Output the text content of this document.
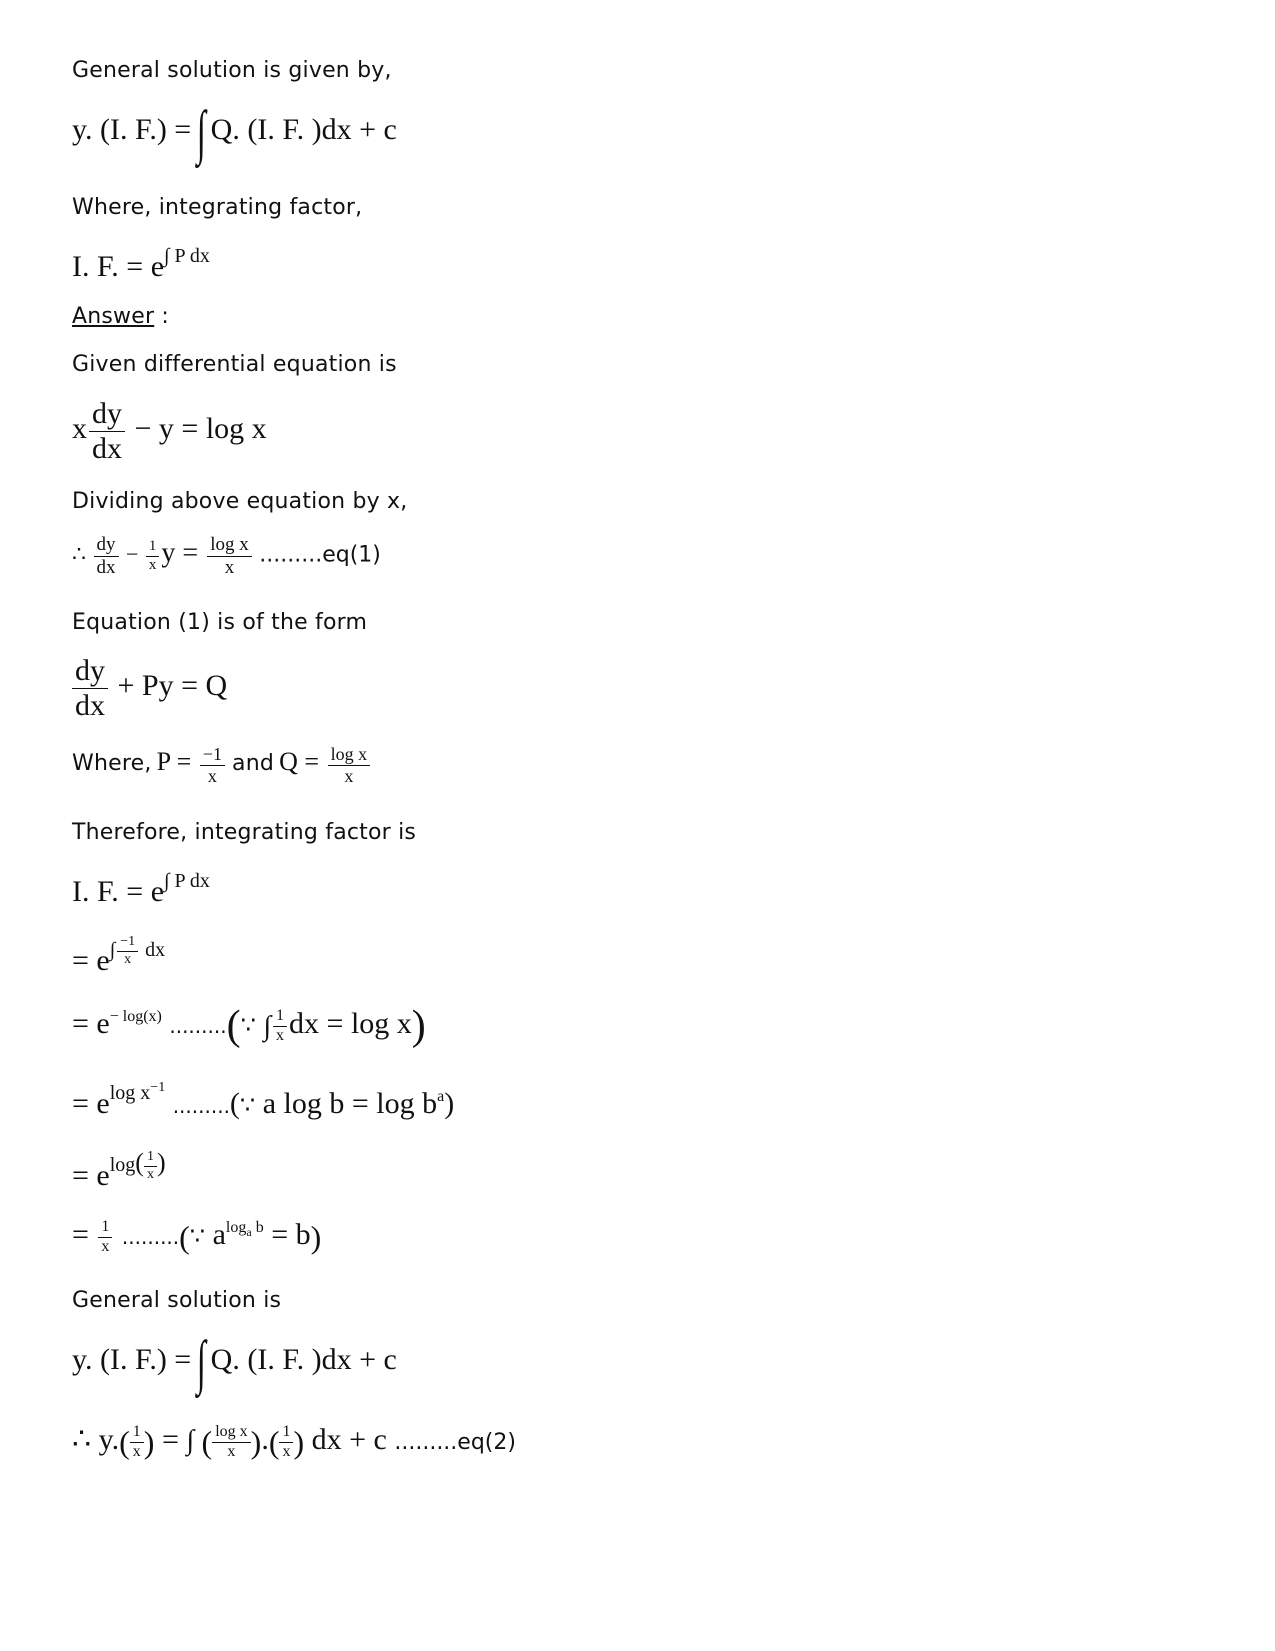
General solution is given by,
y. (I. F.) = ∫ Q. (I. F. )dx + c
Where, integrating factor,
I. F. = $e^{\int P dx}$
Answer :
Given differential equation is
x $\frac{dy}{dx} - y = \log x$
Dividing above equation by x,
∴ $\frac{dy}{dx} - \frac{1}{x}$ $y = \frac{\text{log x}}{x} .........eq(1)$
Equation (1) is of the form
$\frac{dy}{dx} + Py = Q$
Where, $P = \frac{-1}{x}$ and $Q = \frac{\text{log x}}{x}$
Therefore, integrating factor is
I. F. = $e^{\int P dx}$
= $e^{\int \frac{-1}{x} dx}$
= $e^{- log(x)}$ .........(∵ ∫ $\frac{1}{x}$ dx = log x)
= $e^{log x^{-1}}$ .........(∵ a $\log b = \log b^a$)
= $e^{log( \frac{1}{x} )}$
= $\frac{1}{x}$ .........(∵ $a^{log_a b} = b$)
General solution is
y. (I. F.) = ∫ Q. (I. F. )dx + c
∴ $y.( \frac{1}{x}$ ) = ∫ ( $\frac{\text{log x}}{x}$ ).( $\frac{1}{x}$ ) dx + c .........eq(2)
